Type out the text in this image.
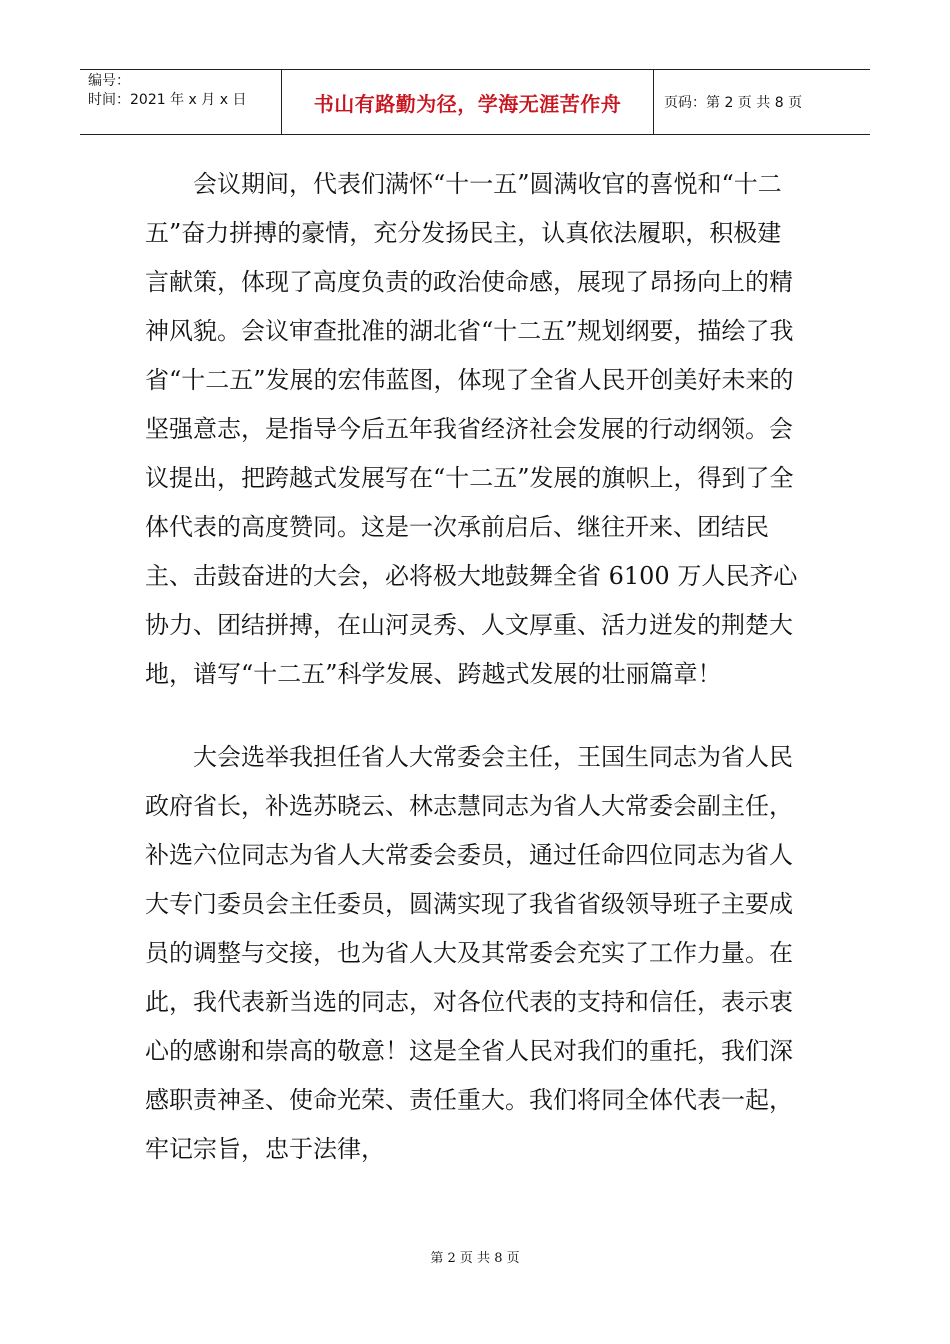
编号：
时间：2021 年 x 月 x 日	书山有路勤为径，学海无涯苦作舟	页码：第 2 页 共 8 页

会议期间，代表们满怀“十一五”圆满收官的喜悦和“十二五”奋力拼搏的豪情，充分发扬民主，认真依法履职，积极建言献策，体现了高度负责的政治使命感，展现了昂扬向上的精神风貌。会议审查批准的湖北省“十二五”规划纲要，描绘了我省“十二五”发展的宏伟蓝图，体现了全省人民开创美好未来的坚强意志，是指导今后五年我省经济社会发展的行动纲领。会议提出，把跨越式发展写在“十二五”发展的旗帜上，得到了全体代表的高度赞同。这是一次承前启后、继往开来、团结民主、击鼓奋进的大会，必将极大地鼓舞全省 6100 万人民齐心协力、团结拼搏，在山河灵秀、人文厚重、活力迸发的荆楚大地，谱写“十二五”科学发展、跨越式发展的壮丽篇章！

大会选举我担任省人大常委会主任，王国生同志为省人民政府省长，补选苏晓云、林志慧同志为省人大常委会副主任，补选六位同志为省人大常委会委员，通过任命四位同志为省人大专门委员会主任委员，圆满实现了我省省级领导班子主要成员的调整与交接，也为省人大及其常委会充实了工作力量。在此，我代表新当选的同志，对各位代表的支持和信任，表示衷心的感谢和崇高的敬意！这是全省人民对我们的重托，我们深感职责神圣、使命光荣、责任重大。我们将同全体代表一起，牢记宗旨，忠于法律，

第 2 页 共 8 页
